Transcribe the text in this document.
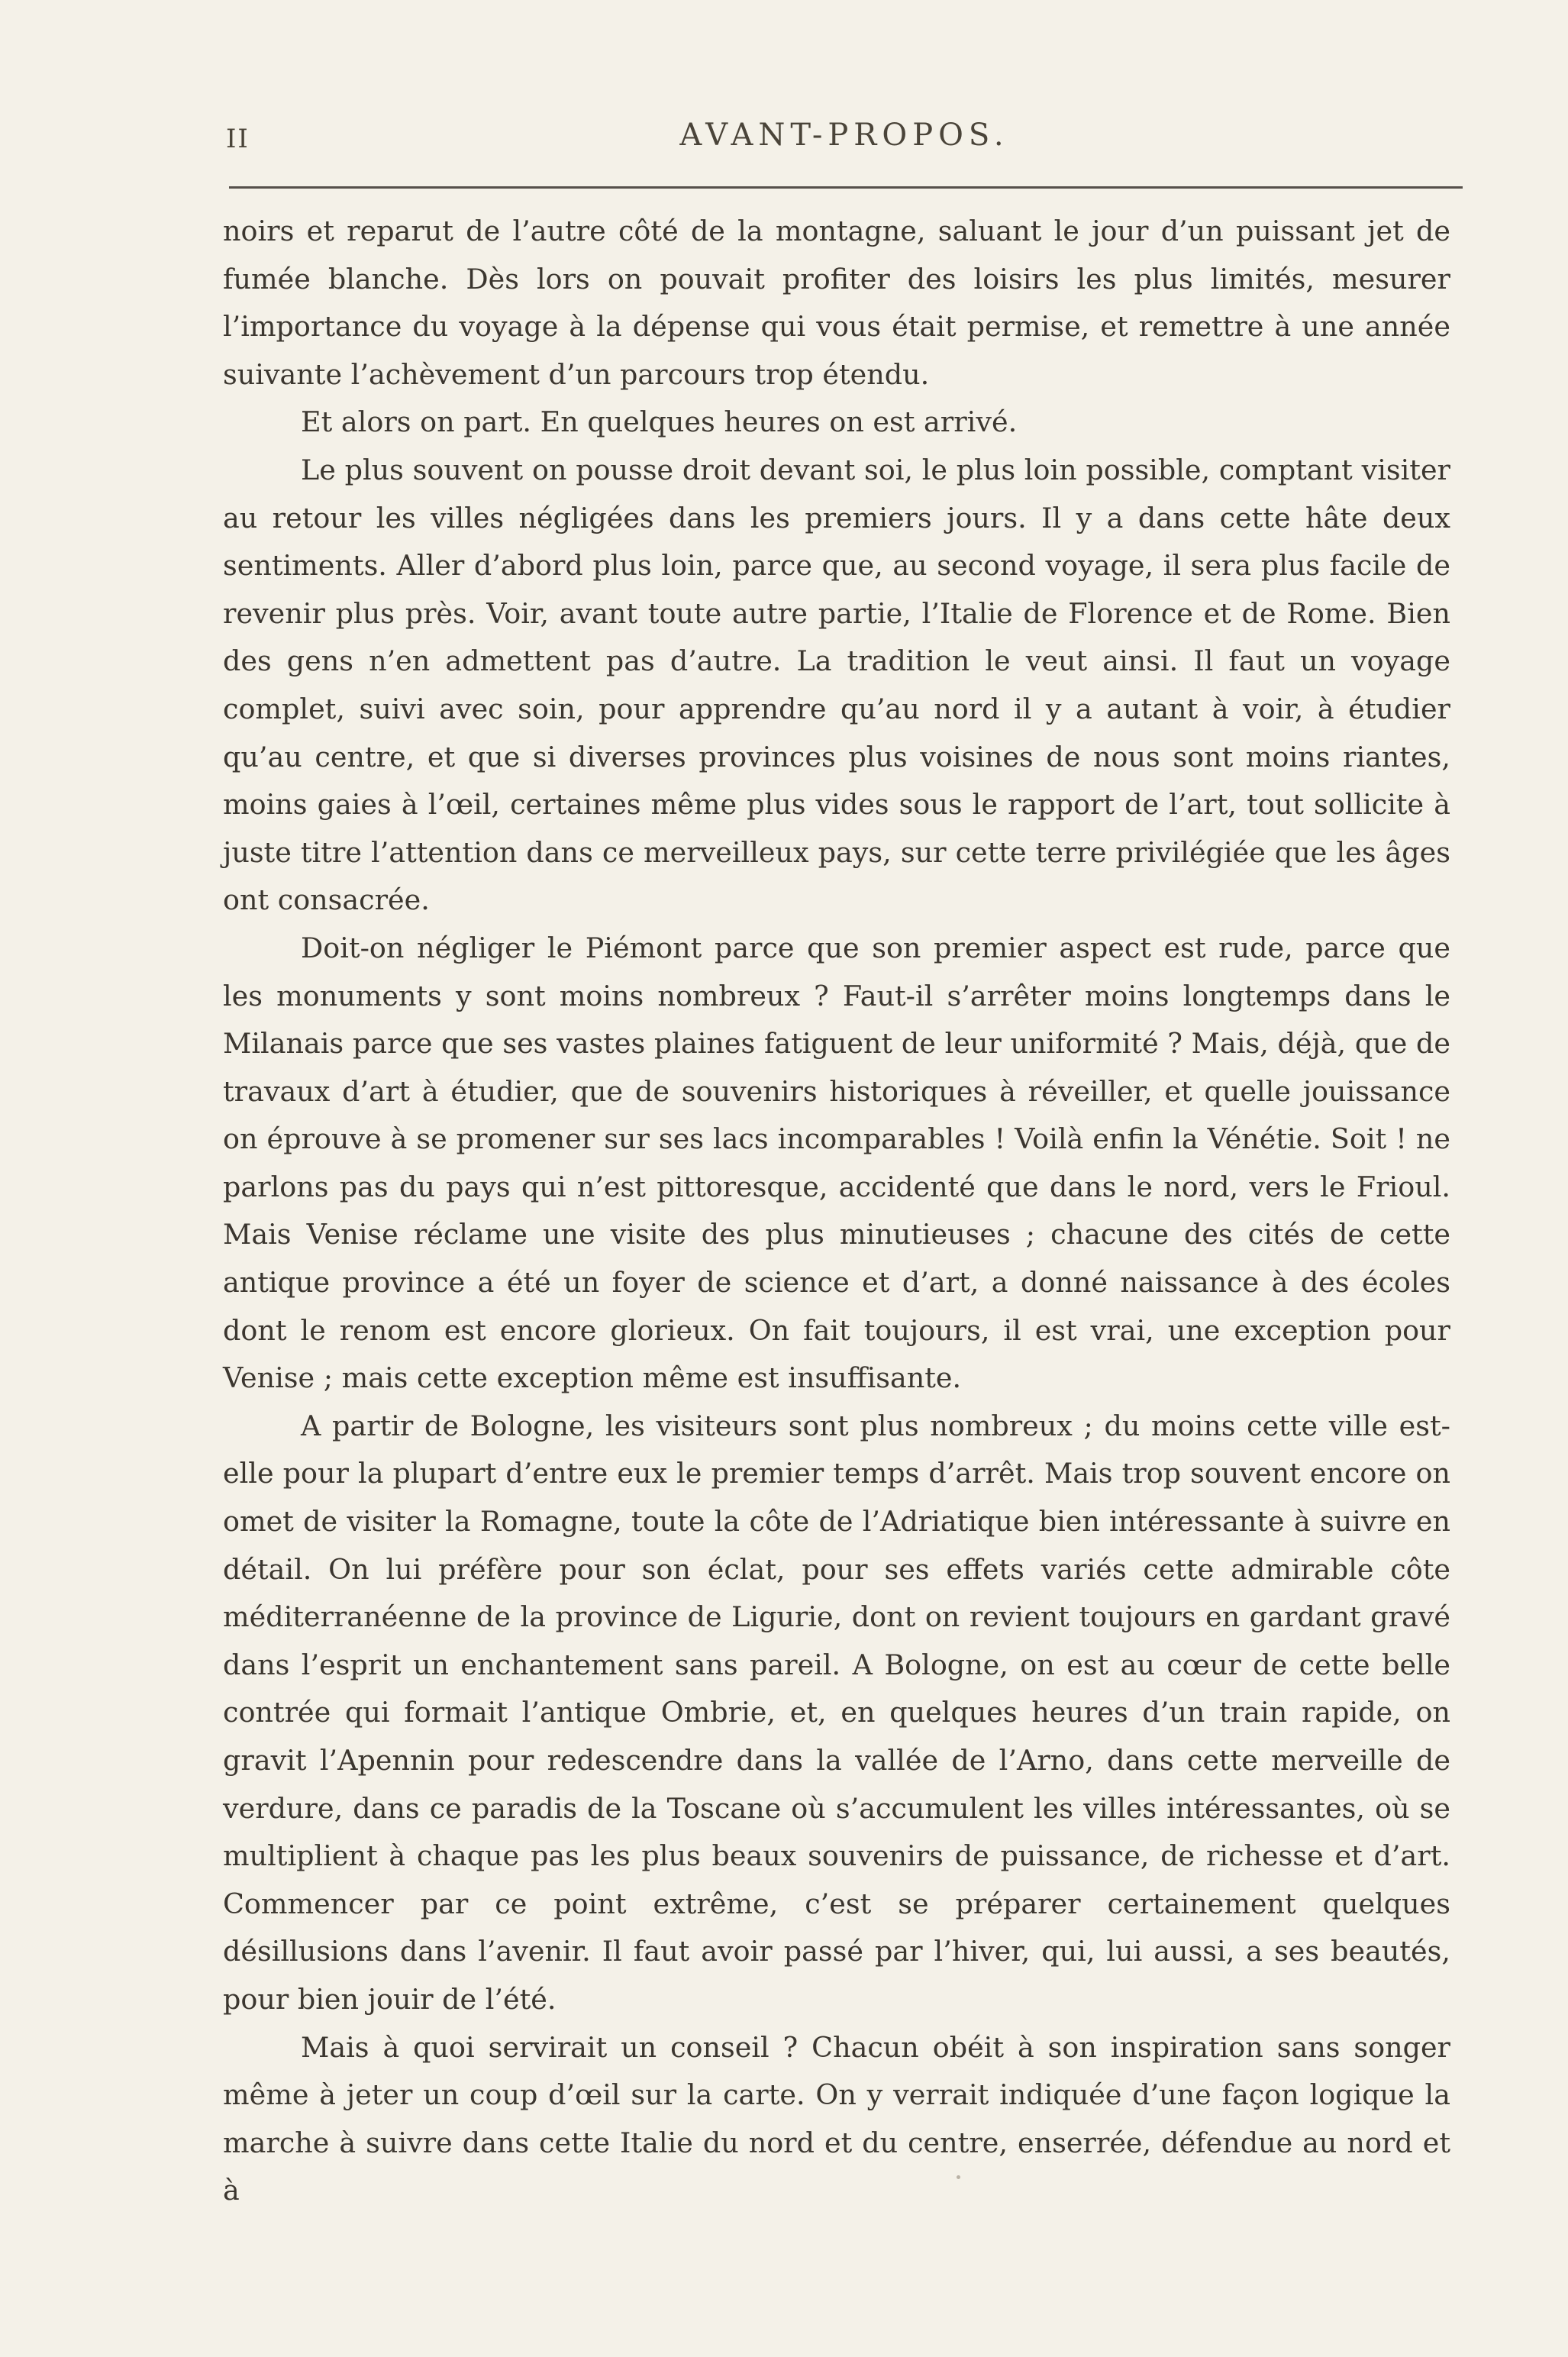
II	AVANT-PROPOS.

noirs et reparut de l’autre côté de la montagne, saluant le jour d’un puissant jet de fumée blanche. Dès lors on pouvait profiter des loisirs les plus limités, mesurer l’importance du voyage à la dépense qui vous était permise, et remettre à une année suivante l’achèvement d’un parcours trop étendu.

Et alors on part. En quelques heures on est arrivé.

Le plus souvent on pousse droit devant soi, le plus loin possible, comptant visiter au retour les villes négligées dans les premiers jours. Il y a dans cette hâte deux sentiments. Aller d’abord plus loin, parce que, au second voyage, il sera plus facile de revenir plus près. Voir, avant toute autre partie, l’Italie de Florence et de Rome. Bien des gens n’en admettent pas d’autre. La tradition le veut ainsi. Il faut un voyage complet, suivi avec soin, pour apprendre qu’au nord il y a autant à voir, à étudier qu’au centre, et que si diverses provinces plus voisines de nous sont moins riantes, moins gaies à l’œil, certaines même plus vides sous le rapport de l’art, tout sollicite à juste titre l’attention dans ce merveilleux pays, sur cette terre privilégiée que les âges ont consacrée.

Doit-on négliger le Piémont parce que son premier aspect est rude, parce que les monuments y sont moins nombreux ? Faut-il s’arrêter moins longtemps dans le Milanais parce que ses vastes plaines fatiguent de leur uniformité ? Mais, déjà, que de travaux d’art à étudier, que de souvenirs historiques à réveiller, et quelle jouissance on éprouve à se promener sur ses lacs incomparables ! Voilà enfin la Vénétie. Soit ! ne parlons pas du pays qui n’est pittoresque, accidenté que dans le nord, vers le Frioul. Mais Venise réclame une visite des plus minutieuses ; chacune des cités de cette antique province a été un foyer de science et d’art, a donné naissance à des écoles dont le renom est encore glorieux. On fait toujours, il est vrai, une exception pour Venise ; mais cette exception même est insuffisante.

A partir de Bologne, les visiteurs sont plus nombreux ; du moins cette ville est-elle pour la plupart d’entre eux le premier temps d’arrêt. Mais trop souvent encore on omet de visiter la Romagne, toute la côte de l’Adriatique bien intéressante à suivre en détail. On lui préfère pour son éclat, pour ses effets variés cette admirable côte méditerranéenne de la province de Ligurie, dont on revient toujours en gardant gravé dans l’esprit un enchantement sans pareil. A Bologne, on est au cœur de cette belle contrée qui formait l’antique Ombrie, et, en quelques heures d’un train rapide, on gravit l’Apennin pour redescendre dans la vallée de l’Arno, dans cette merveille de verdure, dans ce paradis de la Toscane où s’accumulent les villes intéressantes, où se multiplient à chaque pas les plus beaux souvenirs de puissance, de richesse et d’art. Commencer par ce point extrême, c’est se préparer certainement quelques désillusions dans l’avenir. Il faut avoir passé par l’hiver, qui, lui aussi, a ses beautés, pour bien jouir de l’été.

Mais à quoi servirait un conseil ? Chacun obéit à son inspiration sans songer même à jeter un coup d’œil sur la carte. On y verrait indiquée d’une façon logique la marche à suivre dans cette Italie du nord et du centre, enserrée, défendue au nord et à
